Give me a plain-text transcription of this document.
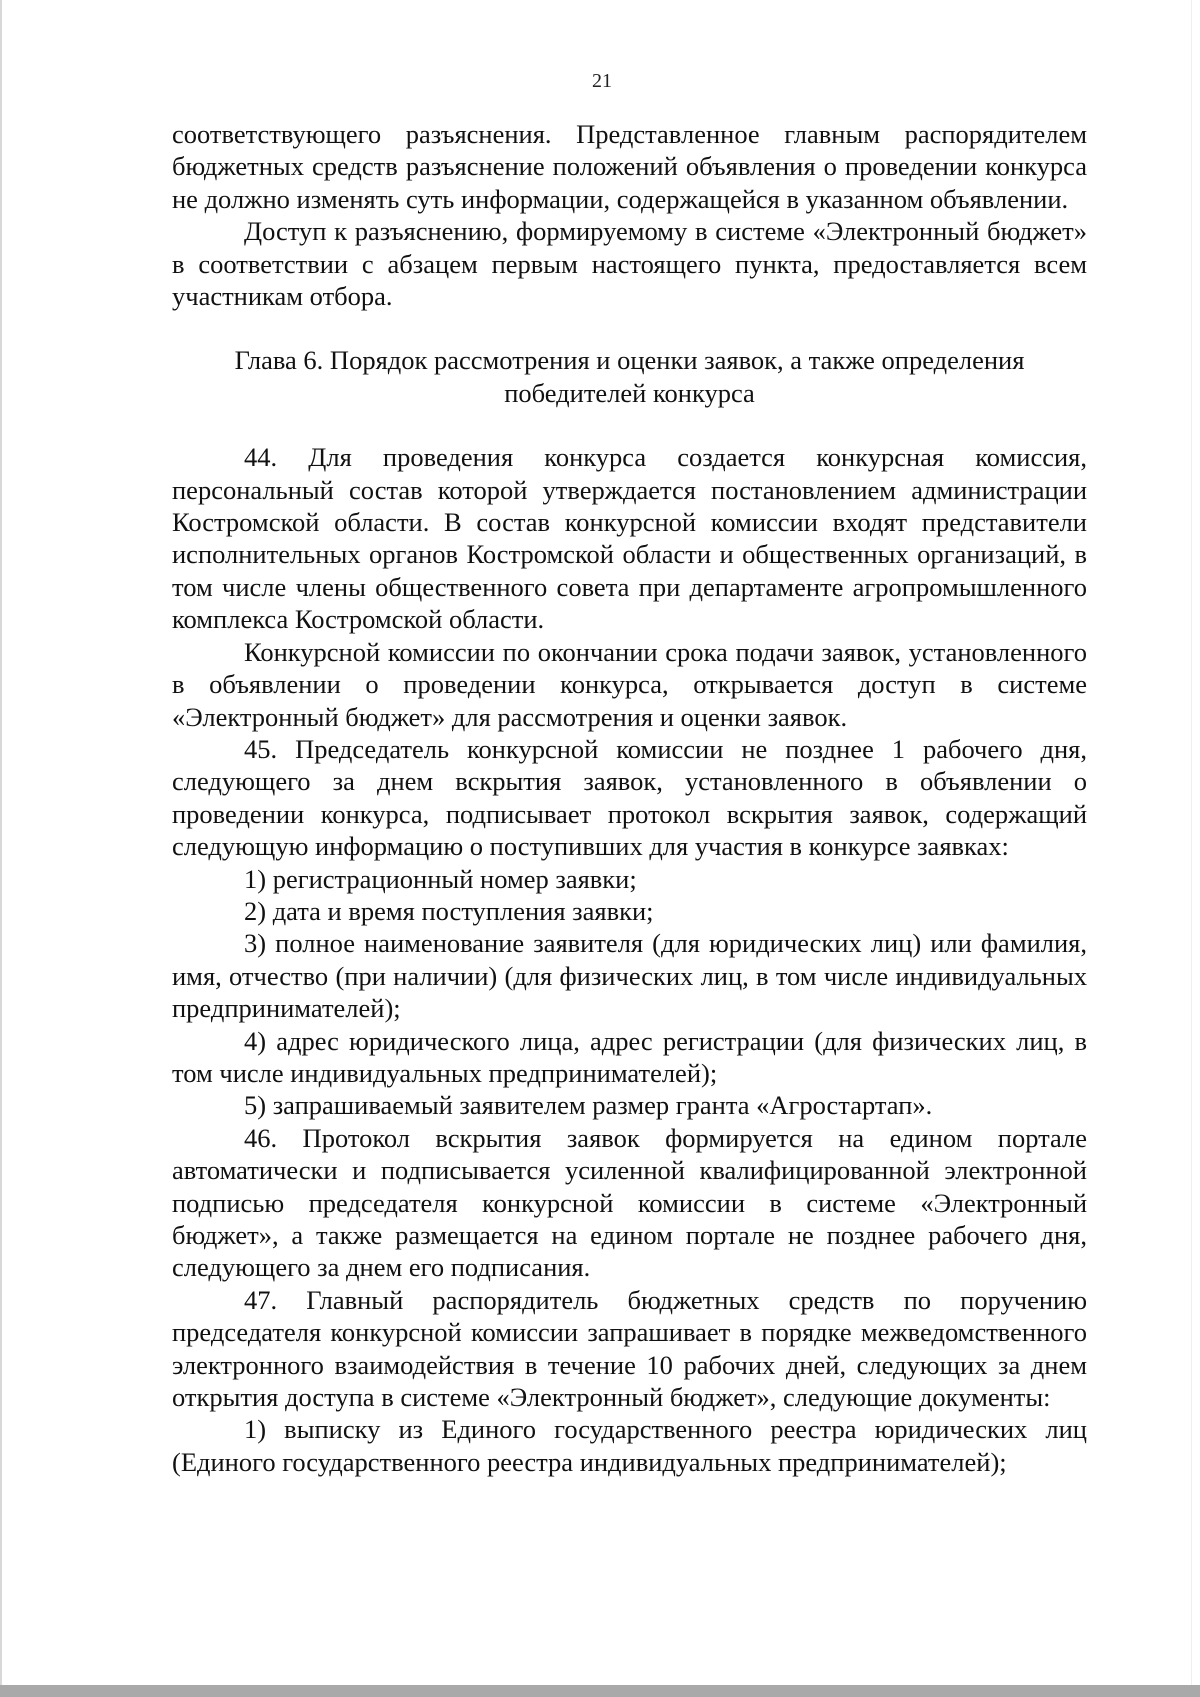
21

соответствующего разъяснения. Представленное главным распорядителем бюджетных средств разъяснение положений объявления о проведении конкурса не должно изменять суть информации, содержащейся в указанном объявлении.

Доступ к разъяснению, формируемому в системе «Электронный бюджет» в соответствии с абзацем первым настоящего пункта, предоставляется всем участникам отбора.

Глава 6. Порядок рассмотрения и оценки заявок, а также определения победителей конкурса

44. Для проведения конкурса создается конкурсная комиссия, персональный состав которой утверждается постановлением администрации Костромской области. В состав конкурсной комиссии входят представители исполнительных органов Костромской области и общественных организаций, в том числе члены общественного совета при департаменте агропромышленного комплекса Костромской области.

Конкурсной комиссии по окончании срока подачи заявок, установленного в объявлении о проведении конкурса, открывается доступ в системе «Электронный бюджет» для рассмотрения и оценки заявок.

45. Председатель конкурсной комиссии не позднее 1 рабочего дня, следующего за днем вскрытия заявок, установленного в объявлении о проведении конкурса, подписывает протокол вскрытия заявок, содержащий следующую информацию о поступивших для участия в конкурсе заявках:

1) регистрационный номер заявки;

2) дата и время поступления заявки;

3) полное наименование заявителя (для юридических лиц) или фамилия, имя, отчество (при наличии) (для физических лиц, в том числе индивидуальных предпринимателей);

4) адрес юридического лица, адрес регистрации (для физических лиц, в том числе индивидуальных предпринимателей);

5) запрашиваемый заявителем размер гранта «Агростартап».

46. Протокол вскрытия заявок формируется на едином портале автоматически и подписывается усиленной квалифицированной электронной подписью председателя конкурсной комиссии в системе «Электронный бюджет», а также размещается на едином портале не позднее рабочего дня, следующего за днем его подписания.

47. Главный распорядитель бюджетных средств по поручению председателя конкурсной комиссии запрашивает в порядке межведомственного электронного взаимодействия в течение 10 рабочих дней, следующих за днем открытия доступа в системе «Электронный бюджет», следующие документы:

1) выписку из Единого государственного реестра юридических лиц (Единого государственного реестра индивидуальных предпринимателей);
